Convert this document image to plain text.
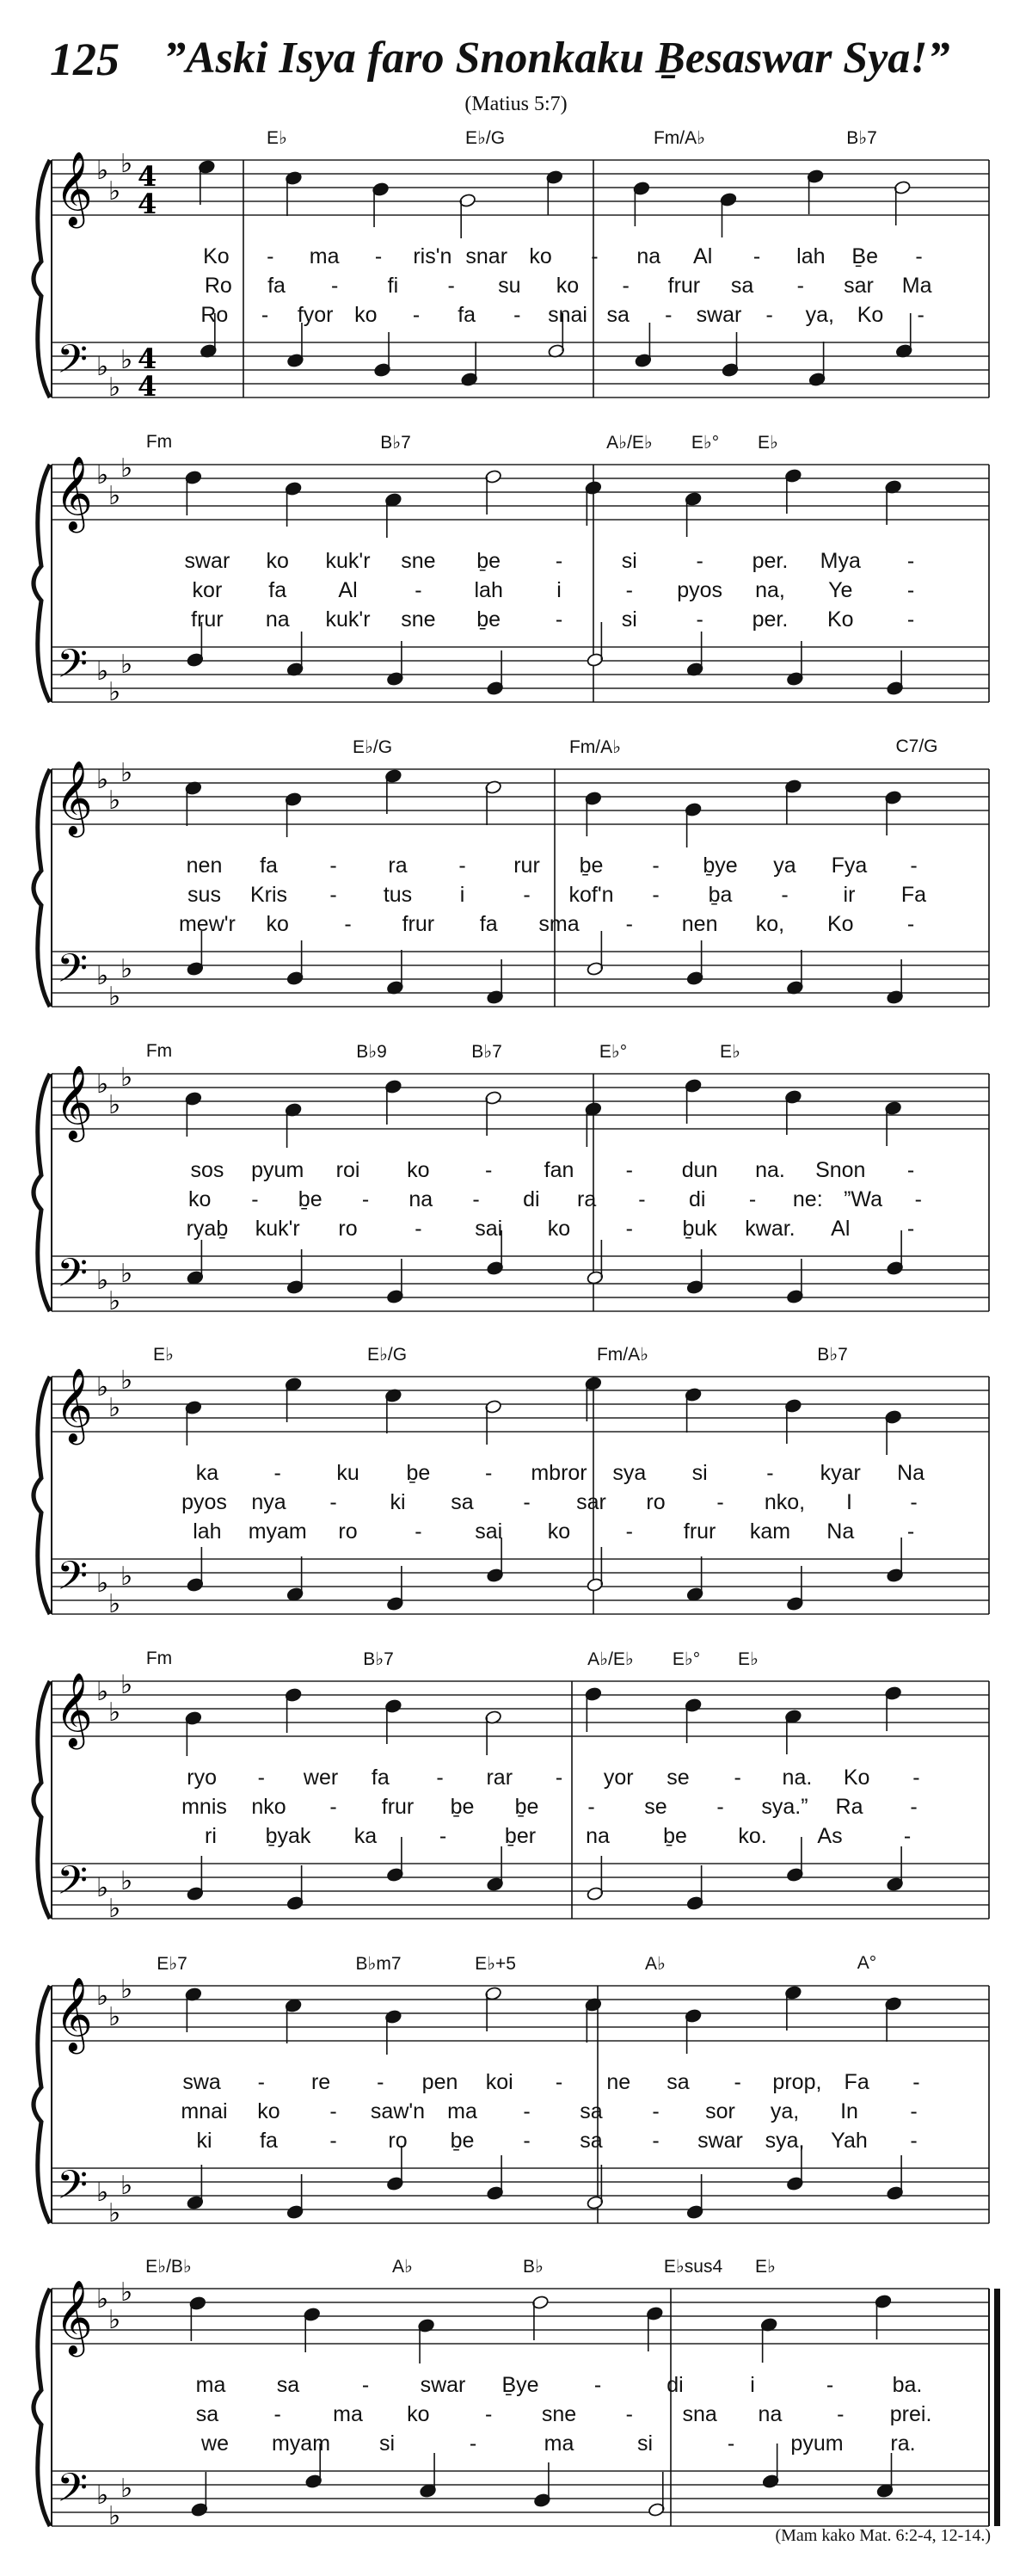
125 ”Aski Isya faro Snonkaku Ḇesaswar Sya!”
(Matius 5:7)
𝄞
𝄢
♭
♭
♭
♭
♭
♭
4
4
4
4
E♭	E♭/G	Fm/A♭	B♭7
Ko - ma - ris'n snar ko - na Al - lah Ḇe -
Ro fa - fi - su ko - frur sa - sar Ma
Ro - fyor ko - fa - snai sa - swar - ya, Ko -
𝄞
𝄢
♭
♭
♭
♭
♭
♭
Fm	B♭7	A♭/E♭ E♭° E♭
swar ko kuk'r sne ḇe	-	si	- per. Mya -
kor fa Al	- lah i	- pyos na, Ye	-
frur na kuk'r sne ḇe	-	si	- per. Ko -
𝄞
𝄢
♭
♭
♭
♭
♭
♭
E♭/G	Fm/A♭	C7/G
nen fa - ra - rur ḇe - ḇye ya Fya -
sus Kris - tus i	- kof'n - ḇa -	ir Fa
mew'r ko	- frur fa sma - nen ko, Ko -
𝄞
𝄢
♭
♭
♭
♭
♭
♭
Fm	B♭9	B♭7	E♭°	E♭
sos pyum roi ko	- fan - dun na. Snon -
ko - ḇe - na - di ra - di - ne: ”Wa -
ryaḇ kuk'r ro	- sai ko	- ḇuk kwar. Al	-
𝄞
𝄢
♭
♭
♭
♭
♭
♭
E♭	E♭/G	Fm/A♭	B♭7
ka	-	ku ḇe	- mbror sya si	- kyar Na
pyos nya - ki sa - sar ro - nko, I	-
lah myam ro	- sai ko	- frur kam Na -
𝄞
𝄢
♭
♭
♭
♭
♭
♭
Fm	B♭7	A♭/E♭ E♭° E♭
ryo - wer fa - rar - yor se - na. Ko -
mnis nko - frur ḇe ḇe - se - sya.” Ra -
ri ḇyak ka	-	ḇer na ḇe ko. As	-
𝄞
𝄢
♭
♭
♭
♭
♭
♭
E♭7	B♭m7	E♭+5	A♭	A°
swa - re - pen koi - ne sa - prop, Fa -
mnai ko - saw'n ma - sa - sor ya, In -
ki fa - ro ḇe - sa - swar sya, Yah -
𝄞
𝄢
♭
♭
♭
♭
♭
♭
E♭/B♭	A♭	B♭	E♭sus4 E♭
ma sa	- swar Ḇye	-	di	i	-	ba.
sa	- ma ko	- sne - sna na	- prei.
we myam si	-	ma	si	-	pyum ra.
(Mam kako Mat. 6:2-4, 12-14.)
